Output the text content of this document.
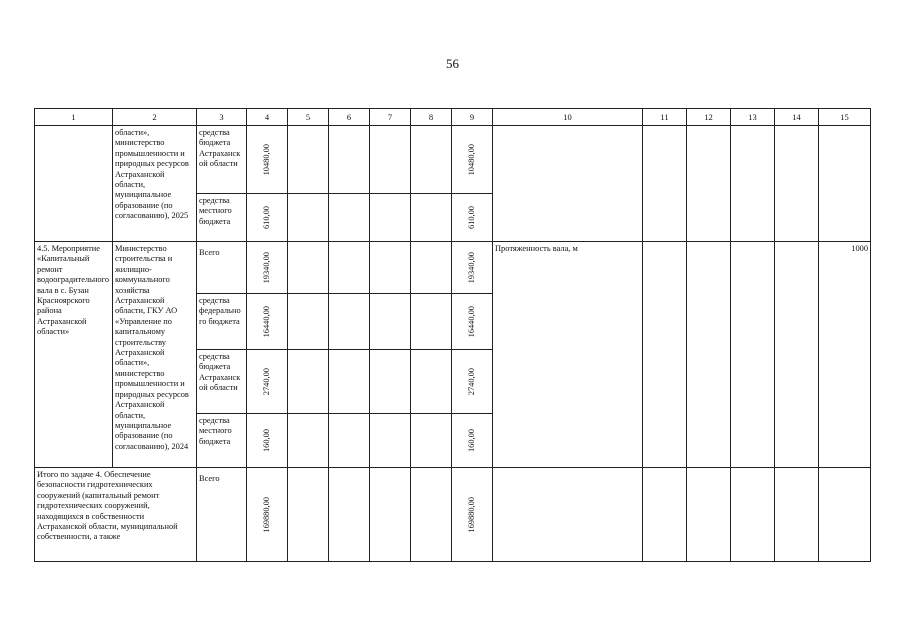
56
1	2	3	4	5	6	7	8	9	10	11	12	13	14	15
	области», министерство промышленности и природных ресурсов Астраханской области, муниципальное образование (по согласованию), 2025	средства бюджета Астраханской области	10480,00					10480,00						

		средства местного бюджета	610,00					610,00						

4.5. Мероприятие «Капитальный ремонт водооградительного вала в с. Бузан Красноярского района Астраханской области»	Министерство строительства и жилищно-коммунального хозяйства Астраханской области, ГКУ АО «Управление по капитальному строительству Астраханской области», министерство промышленности и природных ресурсов Астраханской области, муниципальное образование (по согласованию), 2024	Всего	19340,00					19340,00	Протяженность вала, м					1000
		средства федерального бюджета	16440,00					16440,00						

		средства бюджета Астраханской области	2740,00					2740,00						

		средства местного бюджета	160,00					160,00						

Итого по задаче 4. Обеспечение безопасности гидротехнических сооружений (капитальный ремонт гидротехнических сооружений, находящихся в собственности Астраханской области, муниципальной собственности, а также		Всего	169880,00					169880,00						
